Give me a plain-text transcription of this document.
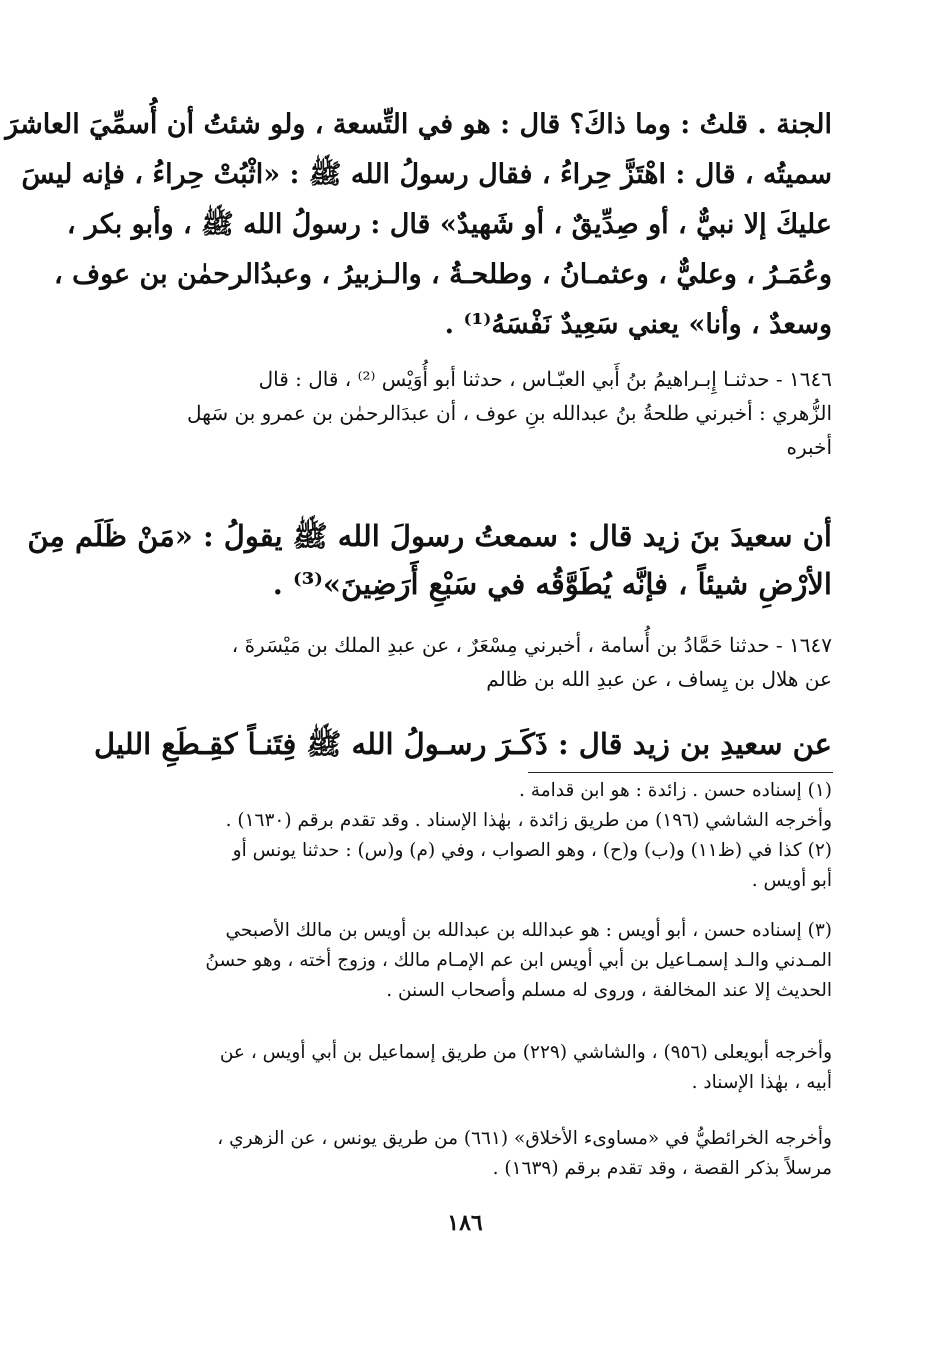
الجنة . قلتُ : وما ذاكَ؟ قال : هو في التِّسعة ، ولو شئتُ أن أُسمِّيَ العاشرَ
سميتُه ، قال : اهْتَزَّ حِراءُ ، فقال رسولُ الله ﷺ : «اثْبُتْ حِراءُ ، فإنه ليسَ
عليكَ إلا نبيٌّ ، أو صِدِّيقٌ ، أو شَهيدٌ» قال : رسولُ الله ﷺ ، وأبو بكر ،
وعُمَـرُ ، وعليٌّ ، وعثمـانُ ، وطلحـةُ ، والـزبيرُ ، وعبدُالرحمٰن بن عوف ،
وسعدٌ ، وأنا» يعني سَعِيدٌ نَفْسَهُ⁽¹⁾ .
١٦٤٦ - حدثنـا إِبـراهيمُ بنُ أَبي العبّـاس ، حدثنا أبو أُوَيْس ⁽²⁾ ، قال : قال
الزُّهري : أخبرني طلحةُ بنُ عبدالله بنِ عوف ، أن عبدَالرحمٰن بن عمرو بن سَهل
أخبره
أن سعيدَ بنَ زيد قال : سمعتُ رسولَ الله ﷺ يقولُ : «مَنْ ظَلَم مِنَ
الأرْضِ شيئاً ، فإنَّه يُطَوَّقُه في سَبْعِ أَرَضِينَ»⁽³⁾ .
١٦٤٧ - حدثنا حَمَّادُ بن أُسامة ، أخبرني مِسْعَرٌ ، عن عبدِ الملك بن مَيْسَرةَ ،
عن هلال بن يِساف ، عن عبدِ الله بن ظالم
عن سعيدِ بن زيد قال : ذَكَـرَ رسـولُ الله ﷺ فِتَنـاً كقِـطَعِ الليل
(١) إسناده حسن . زائدة : هو ابن قدامة .
وأخرجه الشاشي (١٩٦) من طريق زائدة ، بهٰذا الإسناد . وقد تقدم برقم (١٦٣٠) .
(٢) كذا في (ظ١١) و(ب) و(ح) ، وهو الصواب ، وفي (م) و(س) : حدثنا يونس أو
أبو أويس .
(٣) إسناده حسن ، أبو أويس : هو عبدالله بن عبدالله بن أويس بن مالك الأصبحي
المـدني والـد إسمـاعيل بن أبي أويس ابن عم الإمـام مالك ، وزوج أخته ، وهو حسنُ
الحديث إلا عند المخالفة ، وروى له مسلم وأصحاب السنن .
وأخرجه أبويعلى (٩٥٦) ، والشاشي (٢٢٩) من طريق إسماعيل بن أبي أويس ، عن
أبيه ، بهٰذا الإسناد .
وأخرجه الخرائطيُّ في «مساوىء الأخلاق» (٦٦١) من طريق يونس ، عن الزهري ،
مرسلاً بذكر القصة ، وقد تقدم برقم (١٦٣٩) .
١٨٦
